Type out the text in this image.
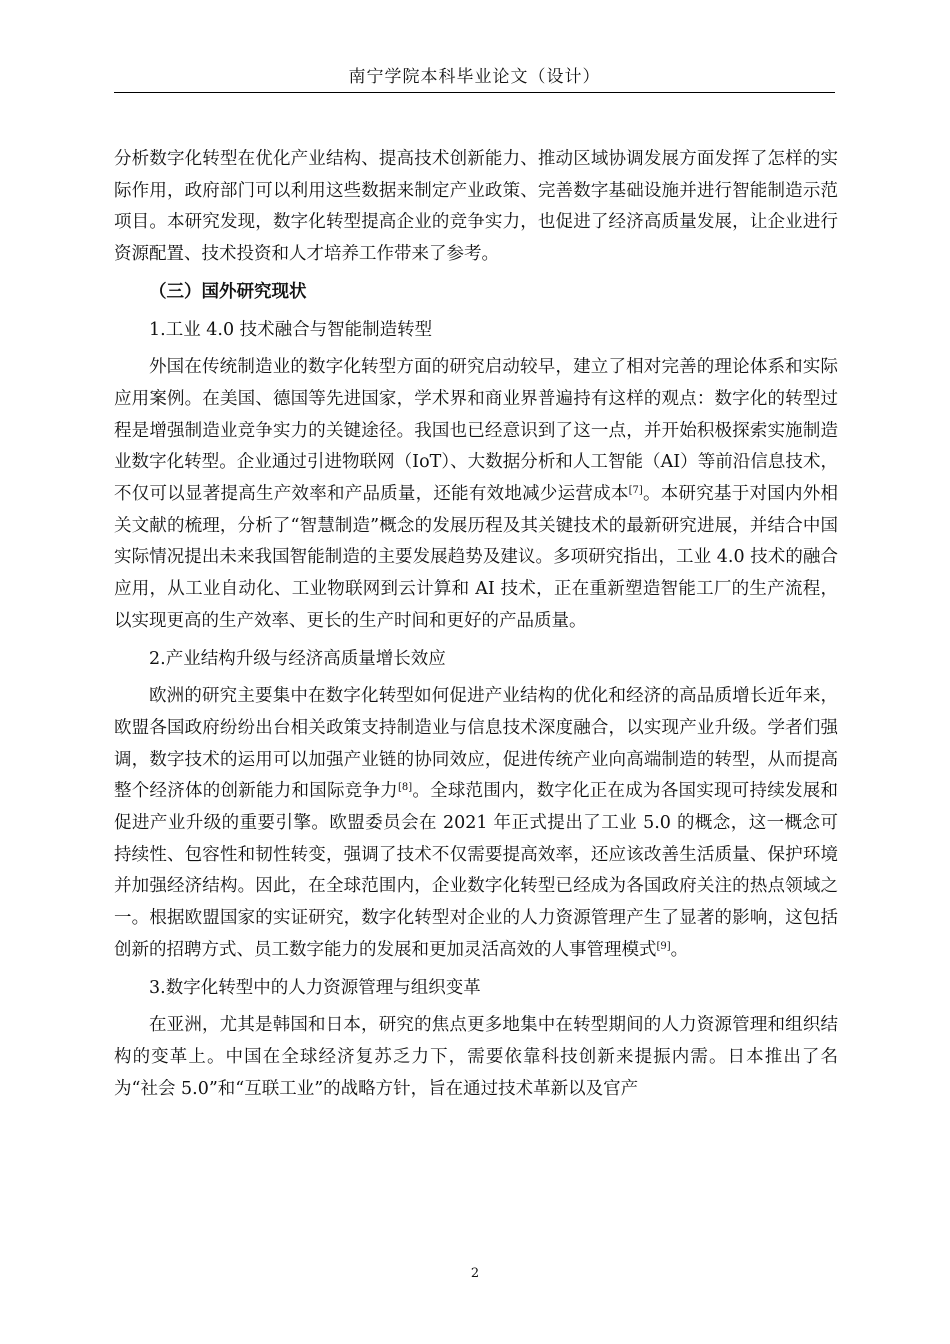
南宁学院本科毕业论文（设计）

分析数字化转型在优化产业结构、提高技术创新能力、推动区域协调发展方面发挥了怎样的实际作用，政府部门可以利用这些数据来制定产业政策、完善数字基础设施并进行智能制造示范项目。本研究发现，数字化转型提高企业的竞争实力，也促进了经济高质量发展，让企业进行资源配置、技术投资和人才培养工作带来了参考。

（三）国外研究现状

1.工业 4.0 技术融合与智能制造转型

外国在传统制造业的数字化转型方面的研究启动较早，建立了相对完善的理论体系和实际应用案例。在美国、德国等先进国家，学术界和商业界普遍持有这样的观点：数字化的转型过程是增强制造业竞争实力的关键途径。我国也已经意识到了这一点，并开始积极探索实施制造业数字化转型。企业通过引进物联网（IoT）、大数据分析和人工智能（AI）等前沿信息技术，不仅可以显著提高生产效率和产品质量，还能有效地减少运营成本[7]。本研究基于对国内外相关文献的梳理，分析了“智慧制造”概念的发展历程及其关键技术的最新研究进展，并结合中国实际情况提出未来我国智能制造的主要发展趋势及建议。多项研究指出，工业 4.0 技术的融合应用，从工业自动化、工业物联网到云计算和 AI 技术，正在重新塑造智能工厂的生产流程，以实现更高的生产效率、更长的生产时间和更好的产品质量。

2.产业结构升级与经济高质量增长效应

欧洲的研究主要集中在数字化转型如何促进产业结构的优化和经济的高品质增长近年来，欧盟各国政府纷纷出台相关政策支持制造业与信息技术深度融合，以实现产业升级。学者们强调，数字技术的运用可以加强产业链的协同效应，促进传统产业向高端制造的转型，从而提高整个经济体的创新能力和国际竞争力[8]。全球范围内，数字化正在成为各国实现可持续发展和促进产业升级的重要引擎。欧盟委员会在 2021 年正式提出了工业 5.0 的概念，这一概念可持续性、包容性和韧性转变，强调了技术不仅需要提高效率，还应该改善生活质量、保护环境并加强经济结构。因此，在全球范围内，企业数字化转型已经成为各国政府关注的热点领域之一。根据欧盟国家的实证研究，数字化转型对企业的人力资源管理产生了显著的影响，这包括创新的招聘方式、员工数字能力的发展和更加灵活高效的人事管理模式[9]。

3.数字化转型中的人力资源管理与组织变革

在亚洲，尤其是韩国和日本，研究的焦点更多地集中在转型期间的人力资源管理和组织结构的变革上。中国在全球经济复苏乏力下，需要依靠科技创新来提振内需。日本推出了名为“社会 5.0”和“互联工业”的战略方针，旨在通过技术革新以及官产

2
